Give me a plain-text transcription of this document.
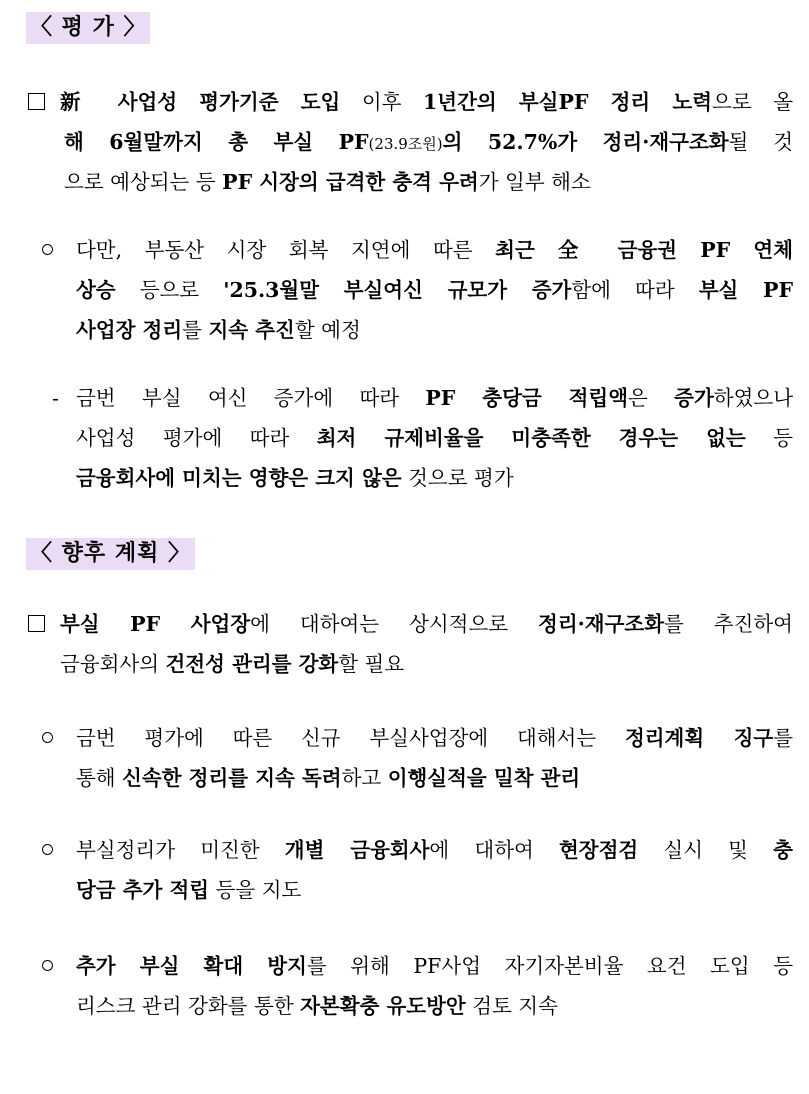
〈 평 가 〉
新 사업성 평가기준 도입 이후 1년간의 부실PF 정리 노력으로 올
해 6월말까지 총 부실 PF(23.9조원)의 52.7%가 정리·재구조화될 것
으로 예상되는 등 PF 시장의 급격한 충격 우려가 일부 해소
다만, 부동산 시장 회복 지연에 따른 최근 全 금융권 PF 연체
상승 등으로 '25.3월말 부실여신 규모가 증가함에 따라 부실 PF
사업장 정리를 지속 추진할 예정
- 금번 부실 여신 증가에 따라 PF 충당금 적립액은 증가하였으나
사업성 평가에 따라 최저 규제비율을 미충족한 경우는 없는 등
금융회사에 미치는 영향은 크지 않은 것으로 평가
〈 향후 계획 〉
부실 PF 사업장에 대하여는 상시적으로 정리·재구조화를 추진하여
금융회사의 건전성 관리를 강화할 필요
금번 평가에 따른 신규 부실사업장에 대해서는 정리계획 징구를
통해 신속한 정리를 지속 독려하고 이행실적을 밀착 관리
부실정리가 미진한 개별 금융회사에 대하여 현장점검 실시 및 충
당금 추가 적립 등을 지도
추가 부실 확대 방지를 위해 PF사업 자기자본비율 요건 도입 등
리스크 관리 강화를 통한 자본확충 유도방안 검토 지속
